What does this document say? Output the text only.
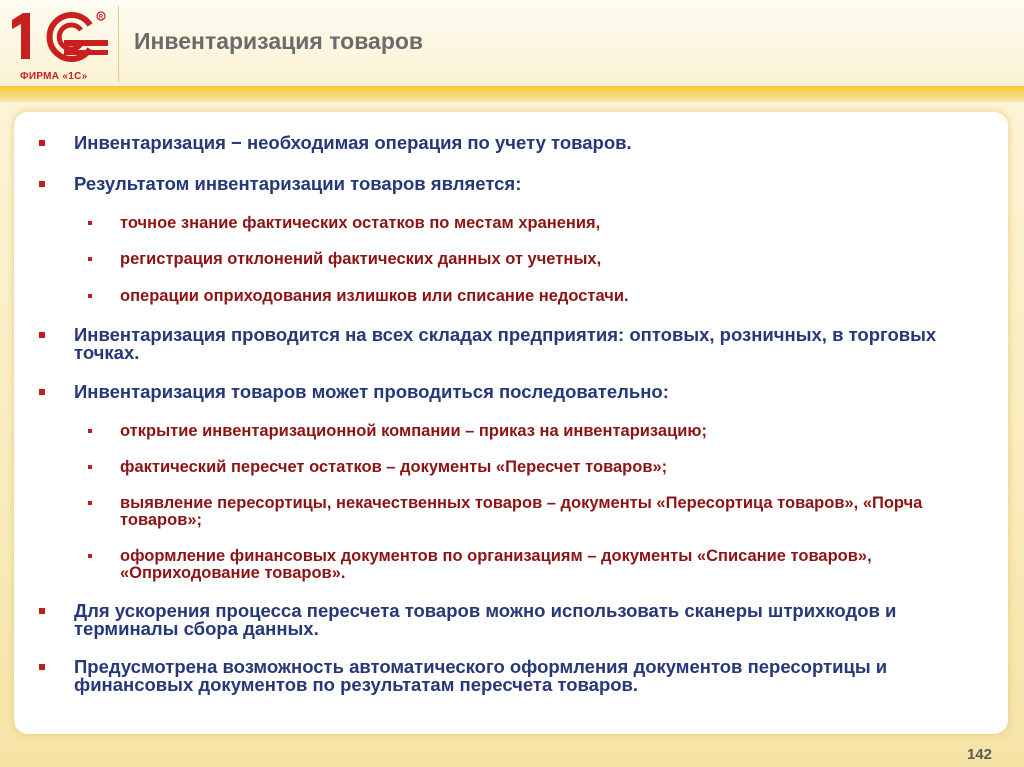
R
ФИРМА «1С»
Инвентаризация товаров
Инвентаризация − необходимая операция по учету товаров.
Результатом инвентаризации товаров является:
точное знание фактических остатков по местам хранения,
регистрация отклонений фактических данных от учетных,
операции оприходования излишков или списание недостачи.
Инвентаризация проводится на всех складах предприятия: оптовых, розничных, в торговых точках.
Инвентаризация товаров может проводиться последовательно:
открытие инвентаризационной компании – приказ на инвентаризацию;
фактический пересчет остатков – документы «Пересчет товаров»;
выявление пересортицы, некачественных товаров – документы «Пересортица товаров», «Порча товаров»;
оформление финансовых документов по организациям – документы «Списание товаров», «Оприходование товаров».
Для ускорения процесса пересчета товаров можно использовать сканеры штрихкодов и терминалы сбора данных.
Предусмотрена возможность автоматического оформления документов пересортицы и финансовых документов по результатам пересчета товаров.
142
